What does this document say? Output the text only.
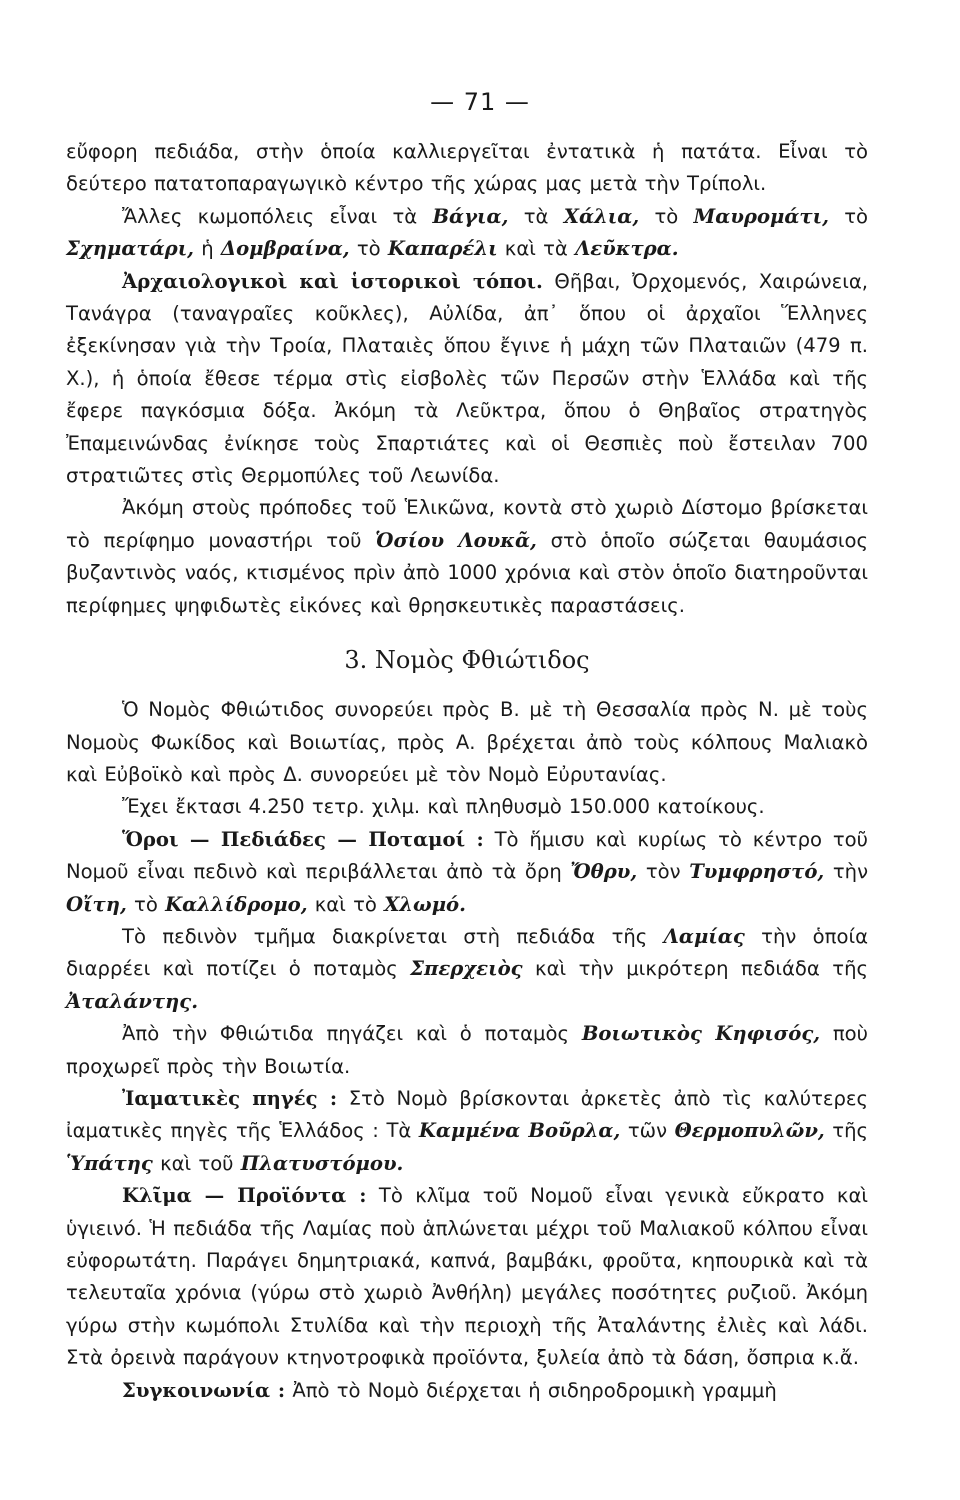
— 71 —

εὔφορη πεδιάδα, στὴν ὁποία καλλιεργεῖται ἐντατικὰ ἡ πατάτα. Εἶναι τὸ δεύτερο πατατοπαραγωγικὸ κέντρο τῆς χώρας μας μετὰ τὴν Τρίπολι.

Ἄλλες κωμοπόλεις εἶναι τὰ Βάγια, τὰ Χάλια, τὸ Μαυρομάτι, τὸ Σχηματάρι, ἡ Δομβραίνα, τὸ Καπαρέλι καὶ τὰ Λεῦκτρα.

Ἀρχαιολογικοὶ καὶ ἱστορικοὶ τόποι. Θῆβαι, Ὀρχομενός, Χαιρώνεια, Τανάγρα (ταναγραῖες κοῦκλες), Αὐλίδα, ἀπ᾽ ὅπου οἱ ἀρχαῖοι Ἕλληνες ἐξεκίνησαν γιὰ τὴν Τροία, Πλαταιὲς ὅπου ἔγινε ἡ μάχη τῶν Πλαταιῶν (479 π. Χ.), ἡ ὁποία ἔθεσε τέρμα στὶς εἰσβολὲς τῶν Περσῶν στὴν Ἑλλάδα καὶ τῆς ἔφερε παγκόσμια δόξα. Ἀκόμη τὰ Λεῦκτρα, ὅπου ὁ Θηβαῖος στρατηγὸς Ἐπαμεινώνδας ἐνίκησε τοὺς Σπαρτιάτες καὶ οἱ Θεσπιὲς ποὺ ἔστειλαν 700 στρατιῶτες στὶς Θερμοπύλες τοῦ Λεωνίδα.

Ἀκόμη στοὺς πρόποδες τοῦ Ἑλικῶνα, κοντὰ στὸ χωριὸ Δίστομο βρίσκεται τὸ περίφημο μοναστήρι τοῦ Ὁσίου Λουκᾶ, στὸ ὁποῖο σώζεται θαυμάσιος βυζαντινὸς ναός, κτισμένος πρὶν ἀπὸ 1000 χρόνια καὶ στὸν ὁποῖο διατηροῦνται περίφημες ψηφιδωτὲς εἰκόνες καὶ θρησκευτικὲς παραστάσεις.

3. Νομὸς Φθιώτιδος

Ὁ Νομὸς Φθιώτιδος συνορεύει πρὸς Β. μὲ τὴ Θεσσαλία πρὸς Ν. μὲ τοὺς Νομοὺς Φωκίδος καὶ Βοιωτίας, πρὸς Α. βρέχεται ἀπὸ τοὺς κόλπους Μαλιακὸ καὶ Εὐβοϊκὸ καὶ πρὸς Δ. συνορεύει μὲ τὸν Νομὸ Εὐρυτανίας.

Ἔχει ἔκτασι 4.250 τετρ. χιλμ. καὶ πληθυσμὸ 150.000 κατοίκους.

Ὅροι — Πεδιάδες — Ποταμοί : Τὸ ἥμισυ καὶ κυρίως τὸ κέντρο τοῦ Νομοῦ εἶναι πεδινὸ καὶ περιβάλλεται ἀπὸ τὰ ὄρη Ὄθρυ, τὸν Τυμφρηστό, τὴν Οἴτη, τὸ Καλλίδρομο, καὶ τὸ Χλωμό.

Τὸ πεδινὸν τμῆμα διακρίνεται στὴ πεδιάδα τῆς Λαμίας τὴν ὁποία διαρρέει καὶ ποτίζει ὁ ποταμὸς Σπερχειὸς καὶ τὴν μικρότερη πεδιάδα τῆς Ἀταλάντης.

Ἀπὸ τὴν Φθιώτιδα πηγάζει καὶ ὁ ποταμὸς Βοιωτικὸς Κηφισός, ποὺ προχωρεῖ πρὸς τὴν Βοιωτία.

Ἰαματικὲς πηγές : Στὸ Νομὸ βρίσκονται ἀρκετὲς ἀπὸ τὶς καλύτερες ἰαματικὲς πηγὲς τῆς Ἑλλάδος : Τὰ Καμμένα Βοῦρλα, τῶν Θερμοπυλῶν, τῆς Ὑπάτης καὶ τοῦ Πλατυστόμου.

Κλῖμα — Προϊόντα : Τὸ κλῖμα τοῦ Νομοῦ εἶναι γενικὰ εὔκρατο καὶ ὑγιεινό. Ἡ πεδιάδα τῆς Λαμίας ποὺ ἁπλώνεται μέχρι τοῦ Μαλιακοῦ κόλπου εἶναι εὐφορωτάτη. Παράγει δημητριακά, καπνά, βαμβάκι, φροῦτα, κηπουρικὰ καὶ τὰ τελευταῖα χρόνια (γύρω στὸ χωριὸ Ἀνθήλη) μεγάλες ποσότητες ρυζιοῦ. Ἀκόμη γύρω στὴν κωμόπολι Στυλίδα καὶ τὴν περιοχὴ τῆς Ἀταλάντης ἐλιὲς καὶ λάδι. Στὰ ὀρεινὰ παράγουν κτηνοτροφικὰ προϊόντα, ξυλεία ἀπὸ τὰ δάση, ὄσπρια κ.ἄ.

Συγκοινωνία : Ἀπὸ τὸ Νομὸ διέρχεται ἡ σιδηροδρομικὴ γραμμὴ
